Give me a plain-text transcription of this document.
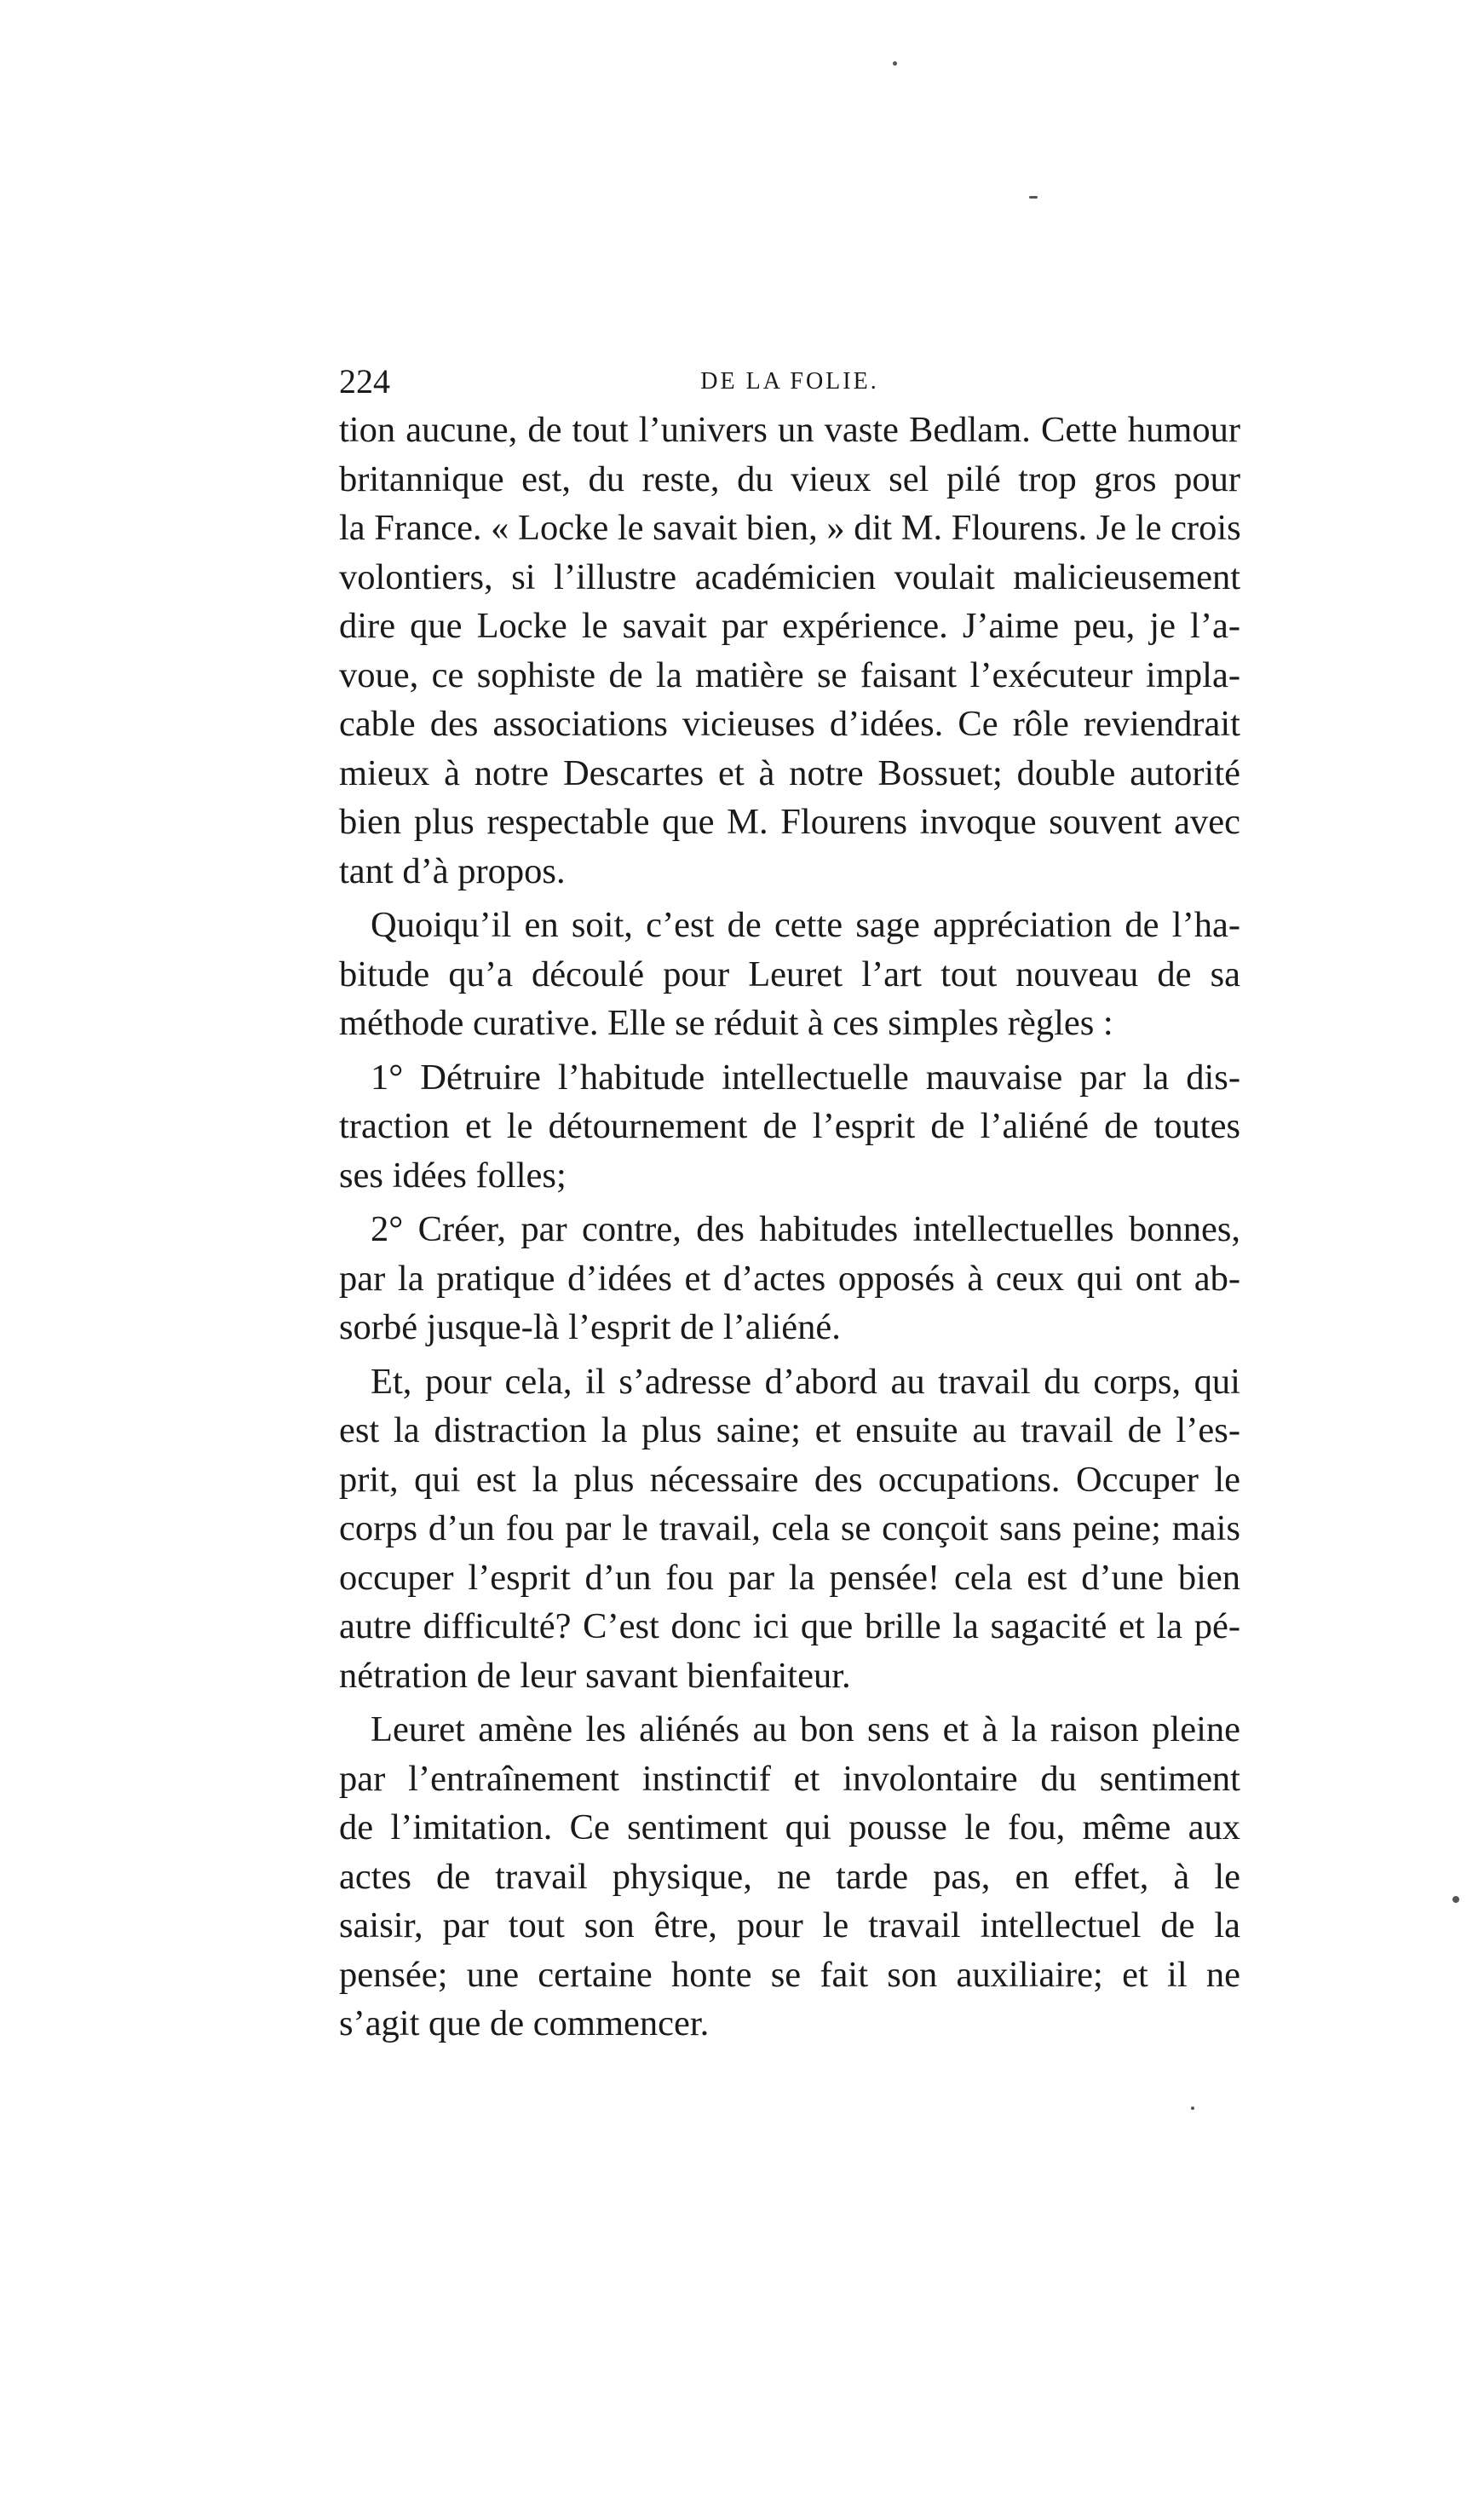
224	DE LA FOLIE.
tion aucune, de tout l’univers un vaste Bedlam. Cette humour
britannique est, du reste, du vieux sel pilé trop gros pour
la France. « Locke le savait bien, » dit M. Flourens. Je le crois
volontiers, si l’illustre académicien voulait malicieusement
dire que Locke le savait par expérience. J’aime peu, je l’a-
voue, ce sophiste de la matière se faisant l’exécuteur impla-
cable des associations vicieuses d’idées. Ce rôle reviendrait
mieux à notre Descartes et à notre Bossuet; double autorité
bien plus respectable que M. Flourens invoque souvent avec
tant d’à propos.
Quoiqu’il en soit, c’est de cette sage appréciation de l’ha-
bitude qu’a découlé pour Leuret l’art tout nouveau de sa
méthode curative. Elle se réduit à ces simples règles :
1° Détruire l’habitude intellectuelle mauvaise par la dis-
traction et le détournement de l’esprit de l’aliéné de toutes
ses idées folles;
2° Créer, par contre, des habitudes intellectuelles bonnes,
par la pratique d’idées et d’actes opposés à ceux qui ont ab-
sorbé jusque-là l’esprit de l’aliéné.
Et, pour cela, il s’adresse d’abord au travail du corps, qui
est la distraction la plus saine; et ensuite au travail de l’es-
prit, qui est la plus nécessaire des occupations. Occuper le
corps d’un fou par le travail, cela se conçoit sans peine; mais
occuper l’esprit d’un fou par la pensée! cela est d’une bien
autre difficulté? C’est donc ici que brille la sagacité et la pé-
nétration de leur savant bienfaiteur.
Leuret amène les aliénés au bon sens et à la raison pleine
par l’entraînement instinctif et involontaire du sentiment
de l’imitation. Ce sentiment qui pousse le fou, même aux
actes de travail physique, ne tarde pas, en effet, à le
saisir, par tout son être, pour le travail intellectuel de la
pensée; une certaine honte se fait son auxiliaire; et il ne
s’agit que de commencer.
